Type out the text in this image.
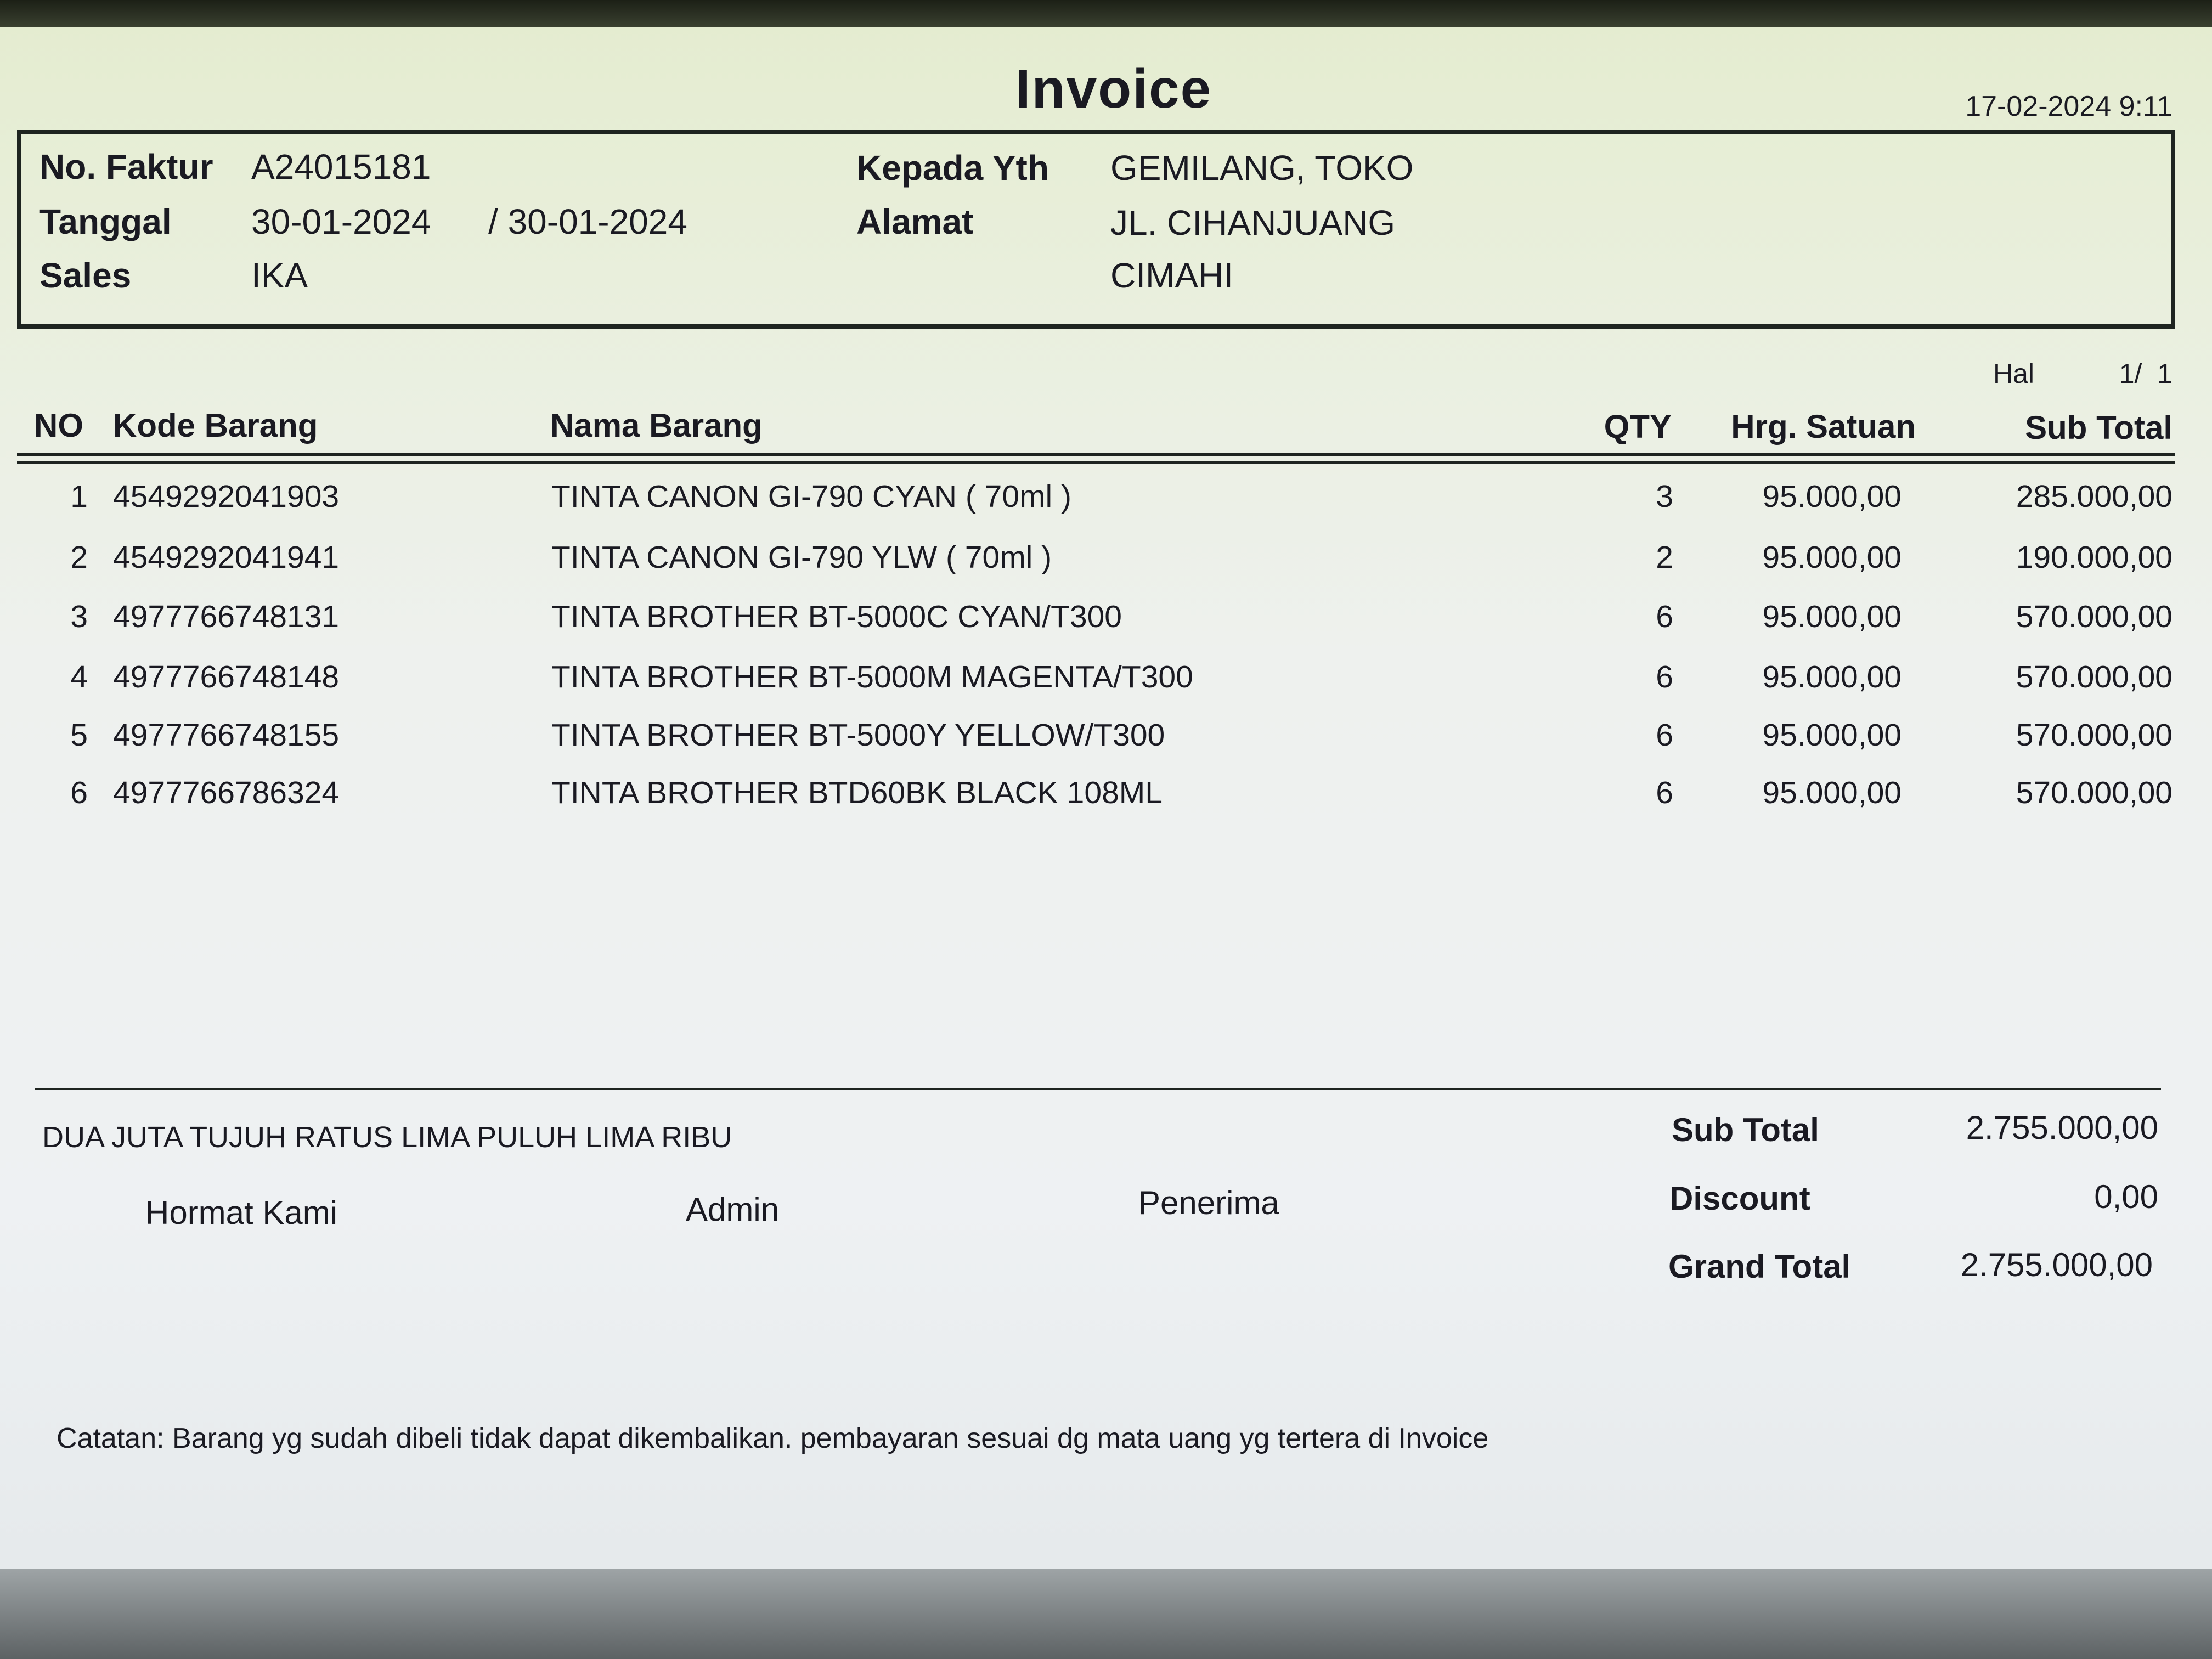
Invoice	17-02-2024 9:11
No. Faktur A24015181
Tanggal 30-01-2024 / 30-01-2024
Sales	IKA
Kepada Yth GEMILANG, TOKO
Alamat	JL. CIHANJUANG
CIMAHI
Hal	1/  1
NO Kode Barang	Nama Barang	QTY	Hrg. Satuan	Sub Total
1 4549292041903	TINTA CANON GI-790 CYAN ( 70ml )	3	95.000,00	285.000,00
2 4549292041941	TINTA CANON GI-790 YLW ( 70ml )	2	95.000,00	190.000,00
3 4977766748131	TINTA BROTHER BT-5000C CYAN/T300	6	95.000,00	570.000,00
4 4977766748148	TINTA BROTHER BT-5000M MAGENTA/T300	6	95.000,00	570.000,00
5 4977766748155	TINTA BROTHER BT-5000Y YELLOW/T300	6	95.000,00	570.000,00
6 4977766786324	TINTA BROTHER BTD60BK BLACK 108ML	6	95.000,00	570.000,00
DUA JUTA TUJUH RATUS LIMA PULUH LIMA RIBU
Hormat Kami	Admin	Penerima
Sub Total	2.755.000,00
Discount	0,00
Grand Total	2.755.000,00
Catatan: Barang yg sudah dibeli tidak dapat dikembalikan. pembayaran sesuai dg mata uang yg tertera di Invoice
